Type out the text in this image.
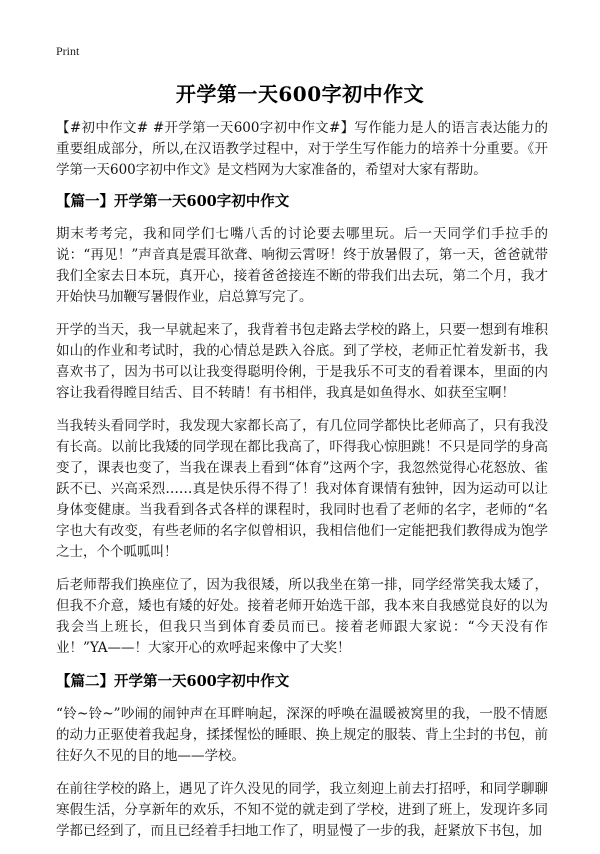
Print
开学第一天600字初中作文

【#初中作文# #开学第一天600字初中作文#】写作能力是人的语言表达能力的重要组成部分，所以,在汉语教学过程中，对于学生写作能力的培养十分重要。《开学第一天600字初中作文》是文档网为大家准备的，希望对大家有帮助。

【篇一】开学第一天600字初中作文

期末考考完，我和同学们七嘴八舌的讨论要去哪里玩。后一天同学们手拉手的说：“再见！”声音真是震耳欲聋、响彻云霄呀！终于放暑假了，第一天，爸爸就带我们全家去日本玩，真开心，接着爸爸接连不断的带我们出去玩，第二个月，我才开始快马加鞭写暑假作业，启总算写完了。

开学的当天，我一早就起来了，我背着书包走路去学校的路上，只要一想到有堆积如山的作业和考试时，我的心情总是跌入谷底。到了学校，老师正忙着发新书，我喜欢书了，因为书可以让我变得聪明伶俐，于是我乐不可支的看着课本，里面的内容让我看得瞠目结舌、目不转睛！有书相伴，我真是如鱼得水、如获至宝啊！

当我转头看同学时，我发现大家都长高了，有几位同学都快比老师高了，只有我没有长高。以前比我矮的同学现在都比我高了，吓得我心惊胆跳！不只是同学的身高变了，课表也变了，当我在课表上看到“体育”这两个字，我忽然觉得心花怒放、雀跃不已、兴高采烈……真是快乐得不得了！我对体育课情有独钟，因为运动可以让身体变健康。当我看到各式各样的课程时，我同时也看了老师的名字，老师的“名字也大有改变，有些老师的名字似曾相识，我相信他们一定能把我们教得成为饱学之士，个个呱呱叫！

后老师帮我们换座位了，因为我很矮，所以我坐在第一排，同学经常笑我太矮了，但我不介意，矮也有矮的好处。接着老师开始选干部，我本来自我感觉良好的以为我会当上班长，但我只当到体育委员而已。接着老师跟大家说：“今天没有作业！”YA——！大家开心的欢呼起来像中了大奖！

【篇二】开学第一天600字初中作文

“铃~铃~”吵闹的闹钟声在耳畔响起，深深的呼唤在温暖被窝里的我，一股不情愿的动力正驱使着我起身，揉揉惺忪的睡眼、换上规定的服装、背上尘封的书包，前往好久不见的目的地——学校。

在前往学校的路上，遇见了许久没见的同学，我立刻迎上前去打招呼，和同学聊聊寒假生活，分享新年的欢乐，不知不觉的就走到了学校，进到了班上，发现许多同学都已经到了，而且已经着手扫地工作了，明显慢了一步的我，赶紧放下书包，加
